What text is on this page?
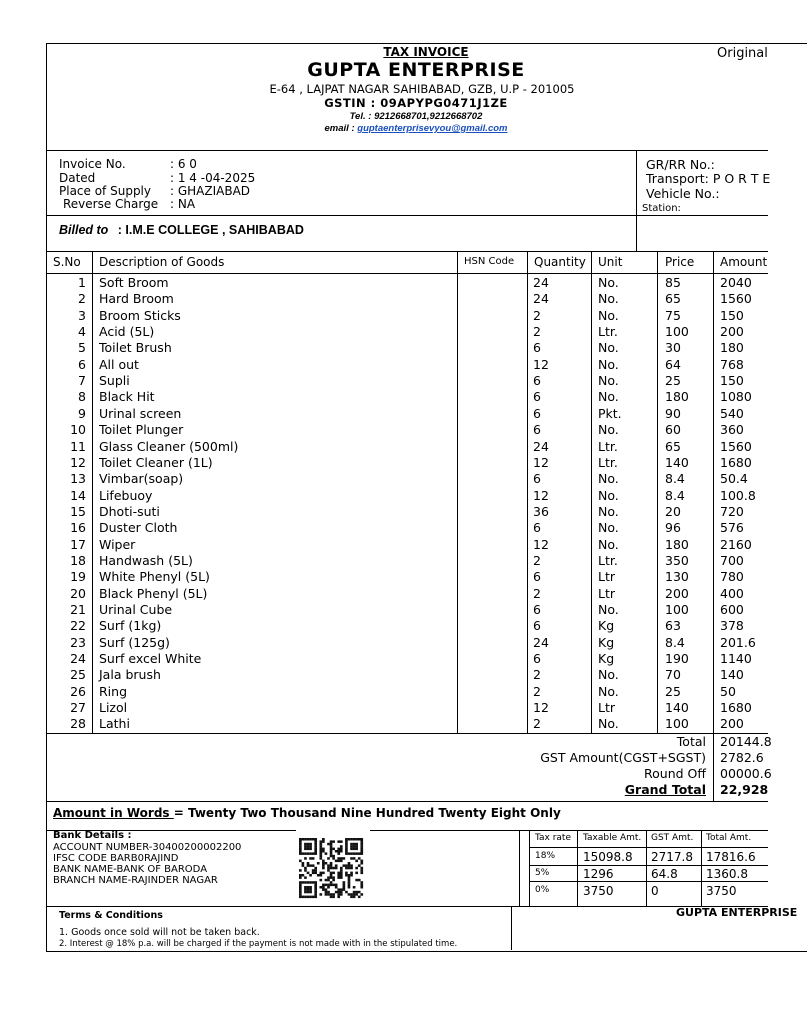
TAX INVOICE	Original
GUPTA ENTERPRISE
E-64 , LAJPAT NAGAR SAHIBABAD, GZB, U.P - 201005
GSTIN : 09APYPG0471J1ZE
Tel. : 9212668701,9212668702
email : guptaenterprisevyou@gmail.com
Invoice No.	: 6 0
Dated	: 1 4 -04-2025
Place of Supply : GHAZIABAD
Reverse Charge : NA
GR/RR No.:
Transport: P O R T E
Vehicle No.:
Station:
Billed to : I.M.E COLLEGE , SAHIBABAD
S.No Description of Goods	HSN Code Quantity Unit	Price Amount
1 Soft Broom	24	No.	85	2040
2 Hard Broom	24	No.	65	1560
3 Broom Sticks	2	No.	75	150
4 Acid (5L)	2	Ltr.	100	200
5 Toilet Brush	6	No.	30	180
6 All out	12	No.	64	768
7 Supli	6	No.	25	150
8 Black Hit	6	No.	180	1080
9 Urinal screen	6	Pkt.	90	540
10 Toilet Plunger	6	No.	60	360
11 Glass Cleaner (500ml)	24	Ltr.	65	1560
12 Toilet Cleaner (1L)	12	Ltr.	140	1680
13 Vimbar(soap)	6	No.	8.4	50.4
14 Lifebuoy	12	No.	8.4	100.8
15 Dhoti-suti	36	No.	20	720
16 Duster Cloth	6	No.	96	576
17 Wiper	12	No.	180	2160
18 Handwash (5L)	2	Ltr.	350	700
19 White Phenyl (5L)	6	Ltr	130	780
20 Black Phenyl (5L)	2	Ltr	200	400
21 Urinal Cube	6	No.	100	600
22 Surf (1kg)	6	Kg	63	378
23 Surf (125g)	24	Kg	8.4	201.6
24 Surf excel White	6	Kg	190	1140
25 Jala brush	2	No.	70	140
26 Ring	2	No.	25	50
27 Lizol	12	Ltr	140	1680
28 Lathi	2	No.	100	200
Total 20144.8
GST Amount(CGST+SGST) 2782.6
Round Off 00000.6
Grand Total 22,928
Amount in Words = Twenty Two Thousand Nine Hundred Twenty Eight Only
Bank Details :
ACCOUNT NUMBER-30400200002200
IFSC CODE BARB0RAJIND
BANK NAME-BANK OF BARODA
BRANCH NAME-RAJINDER NAGAR
Tax rate Taxable Amt. GST Amt. Total Amt.
18% 15098.8 2717.8 17816.6
5%	1296	64.8 1360.8
0%	3750	0	3750
Terms & Conditions
1. Goods once sold will not be taken back.
2. Interest @ 18% p.a. will be charged if the payment is not made with in the stipulated time.
GUPTA ENTERPRISE
